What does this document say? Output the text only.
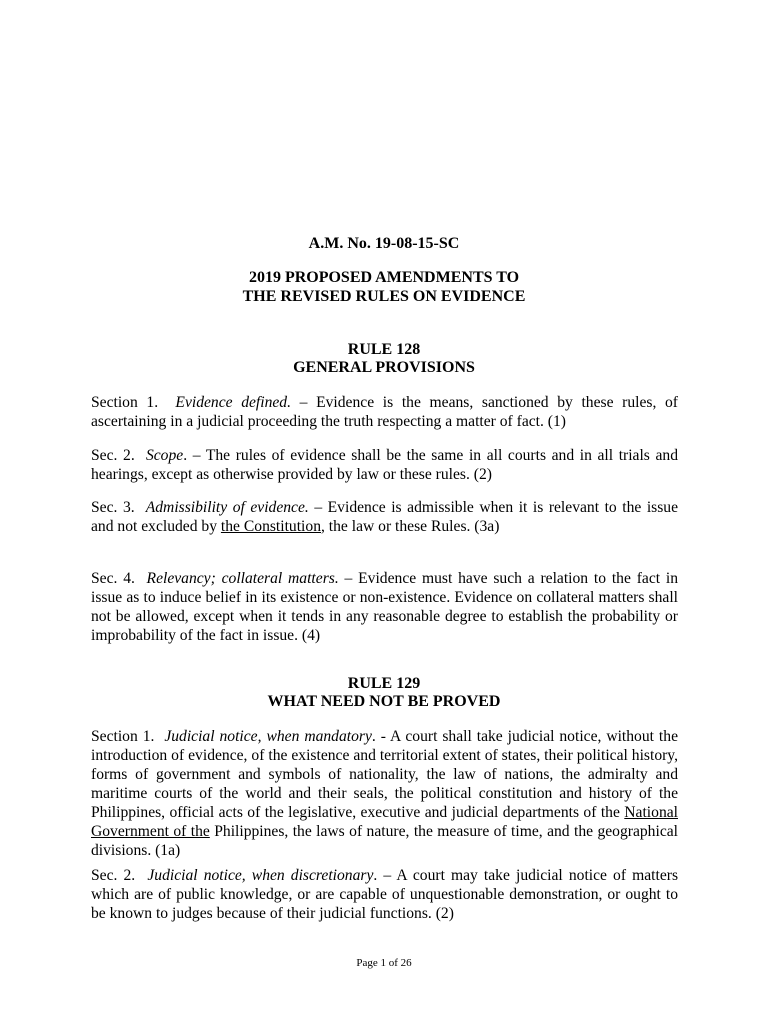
A.M. No. 19-08-15-SC
2019 PROPOSED AMENDMENTS TO
THE REVISED RULES ON EVIDENCE
RULE 128
GENERAL PROVISIONS
Section 1. Evidence defined. – Evidence is the means, sanctioned by these rules, of ascertaining in a judicial proceeding the truth respecting a matter of fact. (1)
Sec. 2. Scope. – The rules of evidence shall be the same in all courts and in all trials and hearings, except as otherwise provided by law or these rules. (2)
Sec. 3. Admissibility of evidence. – Evidence is admissible when it is relevant to the issue and not excluded by the Constitution, the law or these Rules. (3a)
Sec. 4. Relevancy; collateral matters. – Evidence must have such a relation to the fact in issue as to induce belief in its existence or non-existence. Evidence on collateral matters shall not be allowed, except when it tends in any reasonable degree to establish the probability or improbability of the fact in issue. (4)
RULE 129
WHAT NEED NOT BE PROVED
Section 1. Judicial notice, when mandatory. - A court shall take judicial notice, without the introduction of evidence, of the existence and territorial extent of states, their political history, forms of government and symbols of nationality, the law of nations, the admiralty and maritime courts of the world and their seals, the political constitution and history of the Philippines, official acts of the legislative, executive and judicial departments of the National Government of the Philippines, the laws of nature, the measure of time, and the geographical divisions. (1a)
Sec. 2. Judicial notice, when discretionary. – A court may take judicial notice of matters which are of public knowledge, or are capable of unquestionable demonstration, or ought to be known to judges because of their judicial functions. (2)
Page 1 of 26
